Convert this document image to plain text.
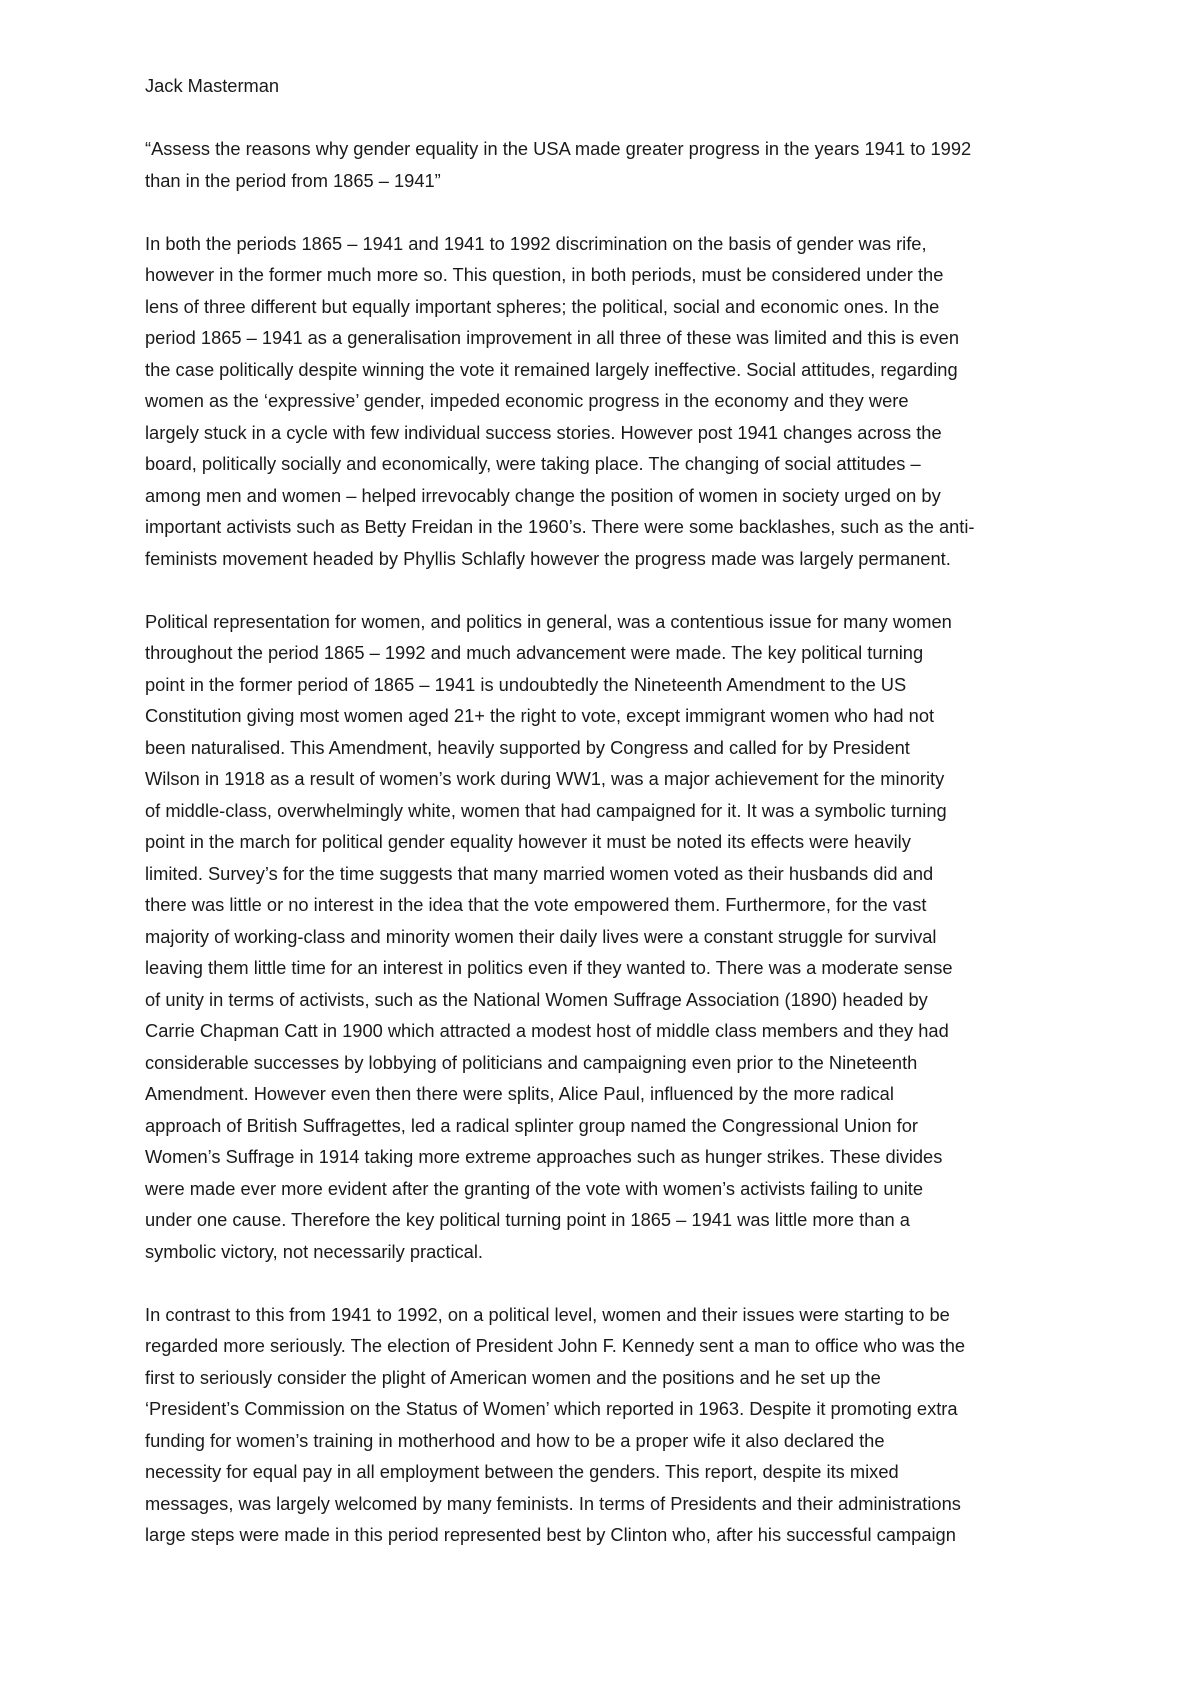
Jack Masterman
“Assess the reasons why gender equality in the USA made greater progress in the years 1941 to 1992
than in the period from 1865 – 1941”
In both the periods 1865 – 1941 and 1941 to 1992 discrimination on the basis of gender was rife,
however in the former much more so. This question, in both periods, must be considered under the
lens of three different but equally important spheres; the political, social and economic ones. In the
period 1865 – 1941 as a generalisation improvement in all three of these was limited and this is even
the case politically despite winning the vote it remained largely ineffective. Social attitudes, regarding
women as the ‘expressive’ gender, impeded economic progress in the economy and they were
largely stuck in a cycle with few individual success stories. However post 1941 changes across the
board, politically socially and economically, were taking place. The changing of social attitudes –
among men and women – helped irrevocably change the position of women in society urged on by
important activists such as Betty Freidan in the 1960’s. There were some backlashes, such as the anti-
feminists movement headed by Phyllis Schlafly however the progress made was largely permanent.
Political representation for women, and politics in general, was a contentious issue for many women
throughout the period 1865 – 1992 and much advancement were made. The key political turning
point in the former period of 1865 – 1941 is undoubtedly the Nineteenth Amendment to the US
Constitution giving most women aged 21+ the right to vote, except immigrant women who had not
been naturalised. This Amendment, heavily supported by Congress and called for by President
Wilson in 1918 as a result of women’s work during WW1, was a major achievement for the minority
of middle-class, overwhelmingly white, women that had campaigned for it. It was a symbolic turning
point in the march for political gender equality however it must be noted its effects were heavily
limited. Survey’s for the time suggests that many married women voted as their husbands did and
there was little or no interest in the idea that the vote empowered them. Furthermore, for the vast
majority of working-class and minority women their daily lives were a constant struggle for survival
leaving them little time for an interest in politics even if they wanted to. There was a moderate sense
of unity in terms of activists, such as the National Women Suffrage Association (1890) headed by
Carrie Chapman Catt in 1900 which attracted a modest host of middle class members and they had
considerable successes by lobbying of politicians and campaigning even prior to the Nineteenth
Amendment. However even then there were splits, Alice Paul, influenced by the more radical
approach of British Suffragettes, led a radical splinter group named the Congressional Union for
Women’s Suffrage in 1914 taking more extreme approaches such as hunger strikes. These divides
were made ever more evident after the granting of the vote with women’s activists failing to unite
under one cause. Therefore the key political turning point in 1865 – 1941 was little more than a
symbolic victory, not necessarily practical.
In contrast to this from 1941 to 1992, on a political level, women and their issues were starting to be
regarded more seriously. The election of President John F. Kennedy sent a man to office who was the
first to seriously consider the plight of American women and the positions and he set up the
‘President’s Commission on the Status of Women’ which reported in 1963. Despite it promoting extra
funding for women’s training in motherhood and how to be a proper wife it also declared the
necessity for equal pay in all employment between the genders. This report, despite its mixed
messages, was largely welcomed by many feminists. In terms of Presidents and their administrations
large steps were made in this period represented best by Clinton who, after his successful campaign
